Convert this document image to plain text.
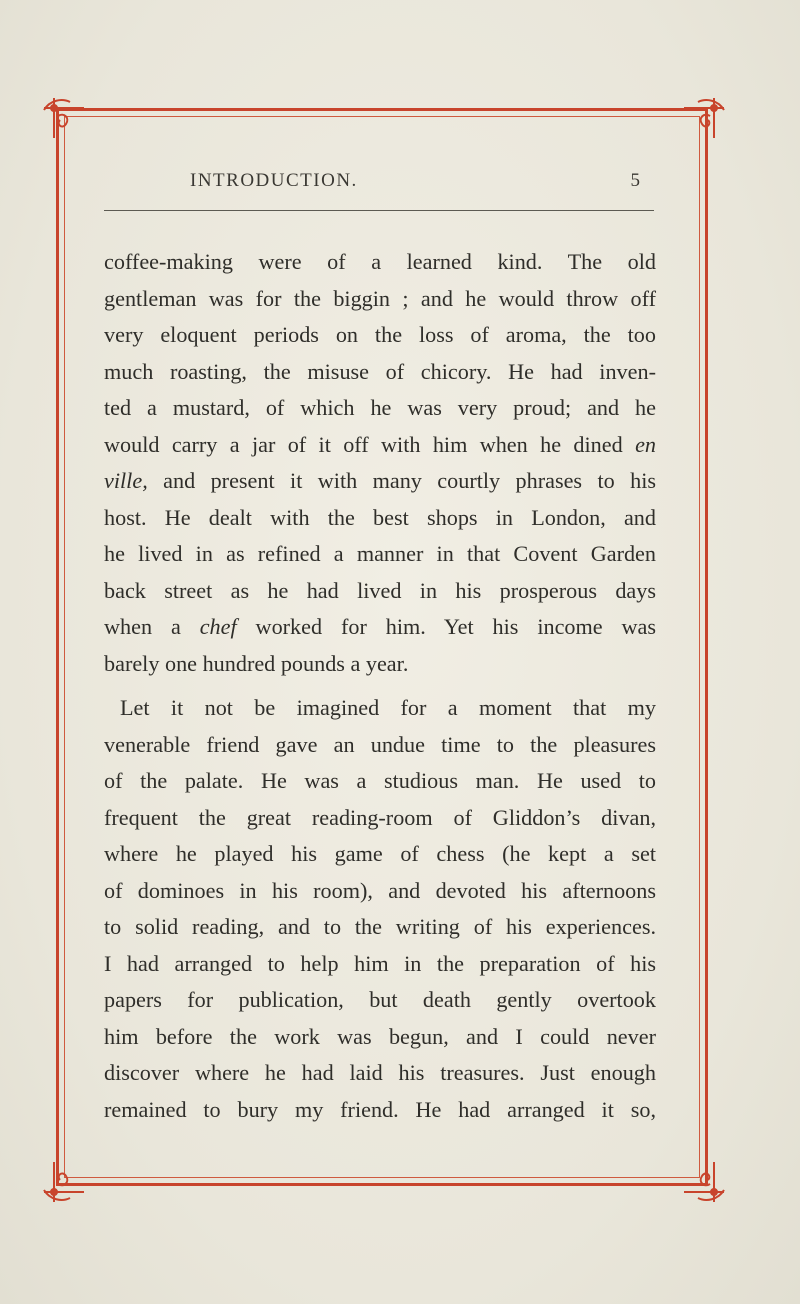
INTRODUCTION.	5
coffee-making were of a learned kind. The old
gentleman was for the biggin ; and he would throw off
very eloquent periods on the loss of aroma, the too
much roasting, the misuse of chicory. He had inven-
ted a mustard, of which he was very proud; and he
would carry a jar of it off with him when he dined en
ville, and present it with many courtly phrases to his
host. He dealt with the best shops in London, and
he lived in as refined a manner in that Covent Garden
back street as he had lived in his prosperous days
when a chef worked for him. Yet his income was
barely one hundred pounds a year.
Let it not be imagined for a moment that my
venerable friend gave an undue time to the pleasures
of the palate. He was a studious man. He used to
frequent the great reading-room of Gliddon’s divan,
where he played his game of chess (he kept a set
of dominoes in his room), and devoted his afternoons
to solid reading, and to the writing of his experiences.
I had arranged to help him in the preparation of his
papers for publication, but death gently overtook
him before the work was begun, and I could never
discover where he had laid his treasures. Just enough
remained to bury my friend. He had arranged it so,
